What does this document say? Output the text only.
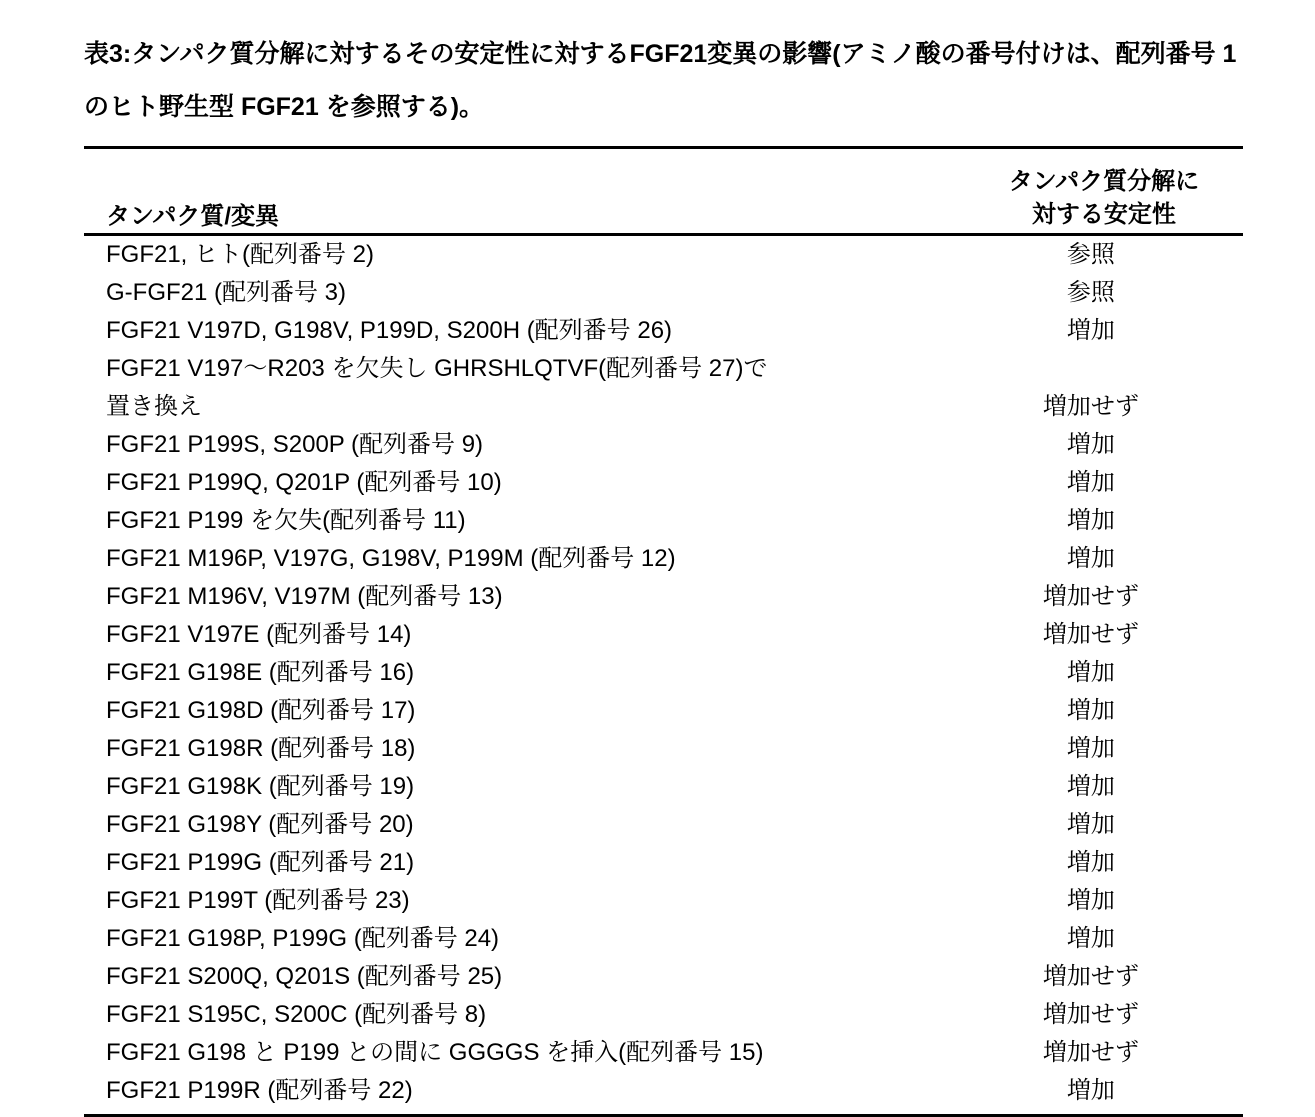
表3:タンパク質分解に対するその安定性に対するFGF21変異の影響(アミノ酸の番号付けは、配列番号 1 のヒト野生型 FGF21 を参照する)。

タンパク質/変異	タンパク質分解に
対する安定性
FGF21, ヒト(配列番号 2)	参照
G-FGF21 (配列番号 3)	参照
FGF21 V197D, G198V, P199D, S200H (配列番号 26)	増加
FGF21 V197〜R203 を欠失し GHRSHLQTVF(配列番号 27)で
置き換え	増加せず
FGF21 P199S, S200P (配列番号 9)	増加
FGF21 P199Q, Q201P (配列番号 10)	増加
FGF21 P199 を欠失(配列番号 11)	増加
FGF21 M196P, V197G, G198V, P199M (配列番号 12)	増加
FGF21 M196V, V197M (配列番号 13)	増加せず
FGF21 V197E (配列番号 14)	増加せず
FGF21 G198E (配列番号 16)	増加
FGF21 G198D (配列番号 17)	増加
FGF21 G198R (配列番号 18)	増加
FGF21 G198K (配列番号 19)	増加
FGF21 G198Y (配列番号 20)	増加
FGF21 P199G (配列番号 21)	増加
FGF21 P199T (配列番号 23)	増加
FGF21 G198P, P199G (配列番号 24)	増加
FGF21 S200Q, Q201S (配列番号 25)	増加せず
FGF21 S195C, S200C (配列番号 8)	増加せず
FGF21 G198 と P199 との間に GGGGS を挿入(配列番号 15)	増加せず
FGF21 P199R (配列番号 22)	増加
